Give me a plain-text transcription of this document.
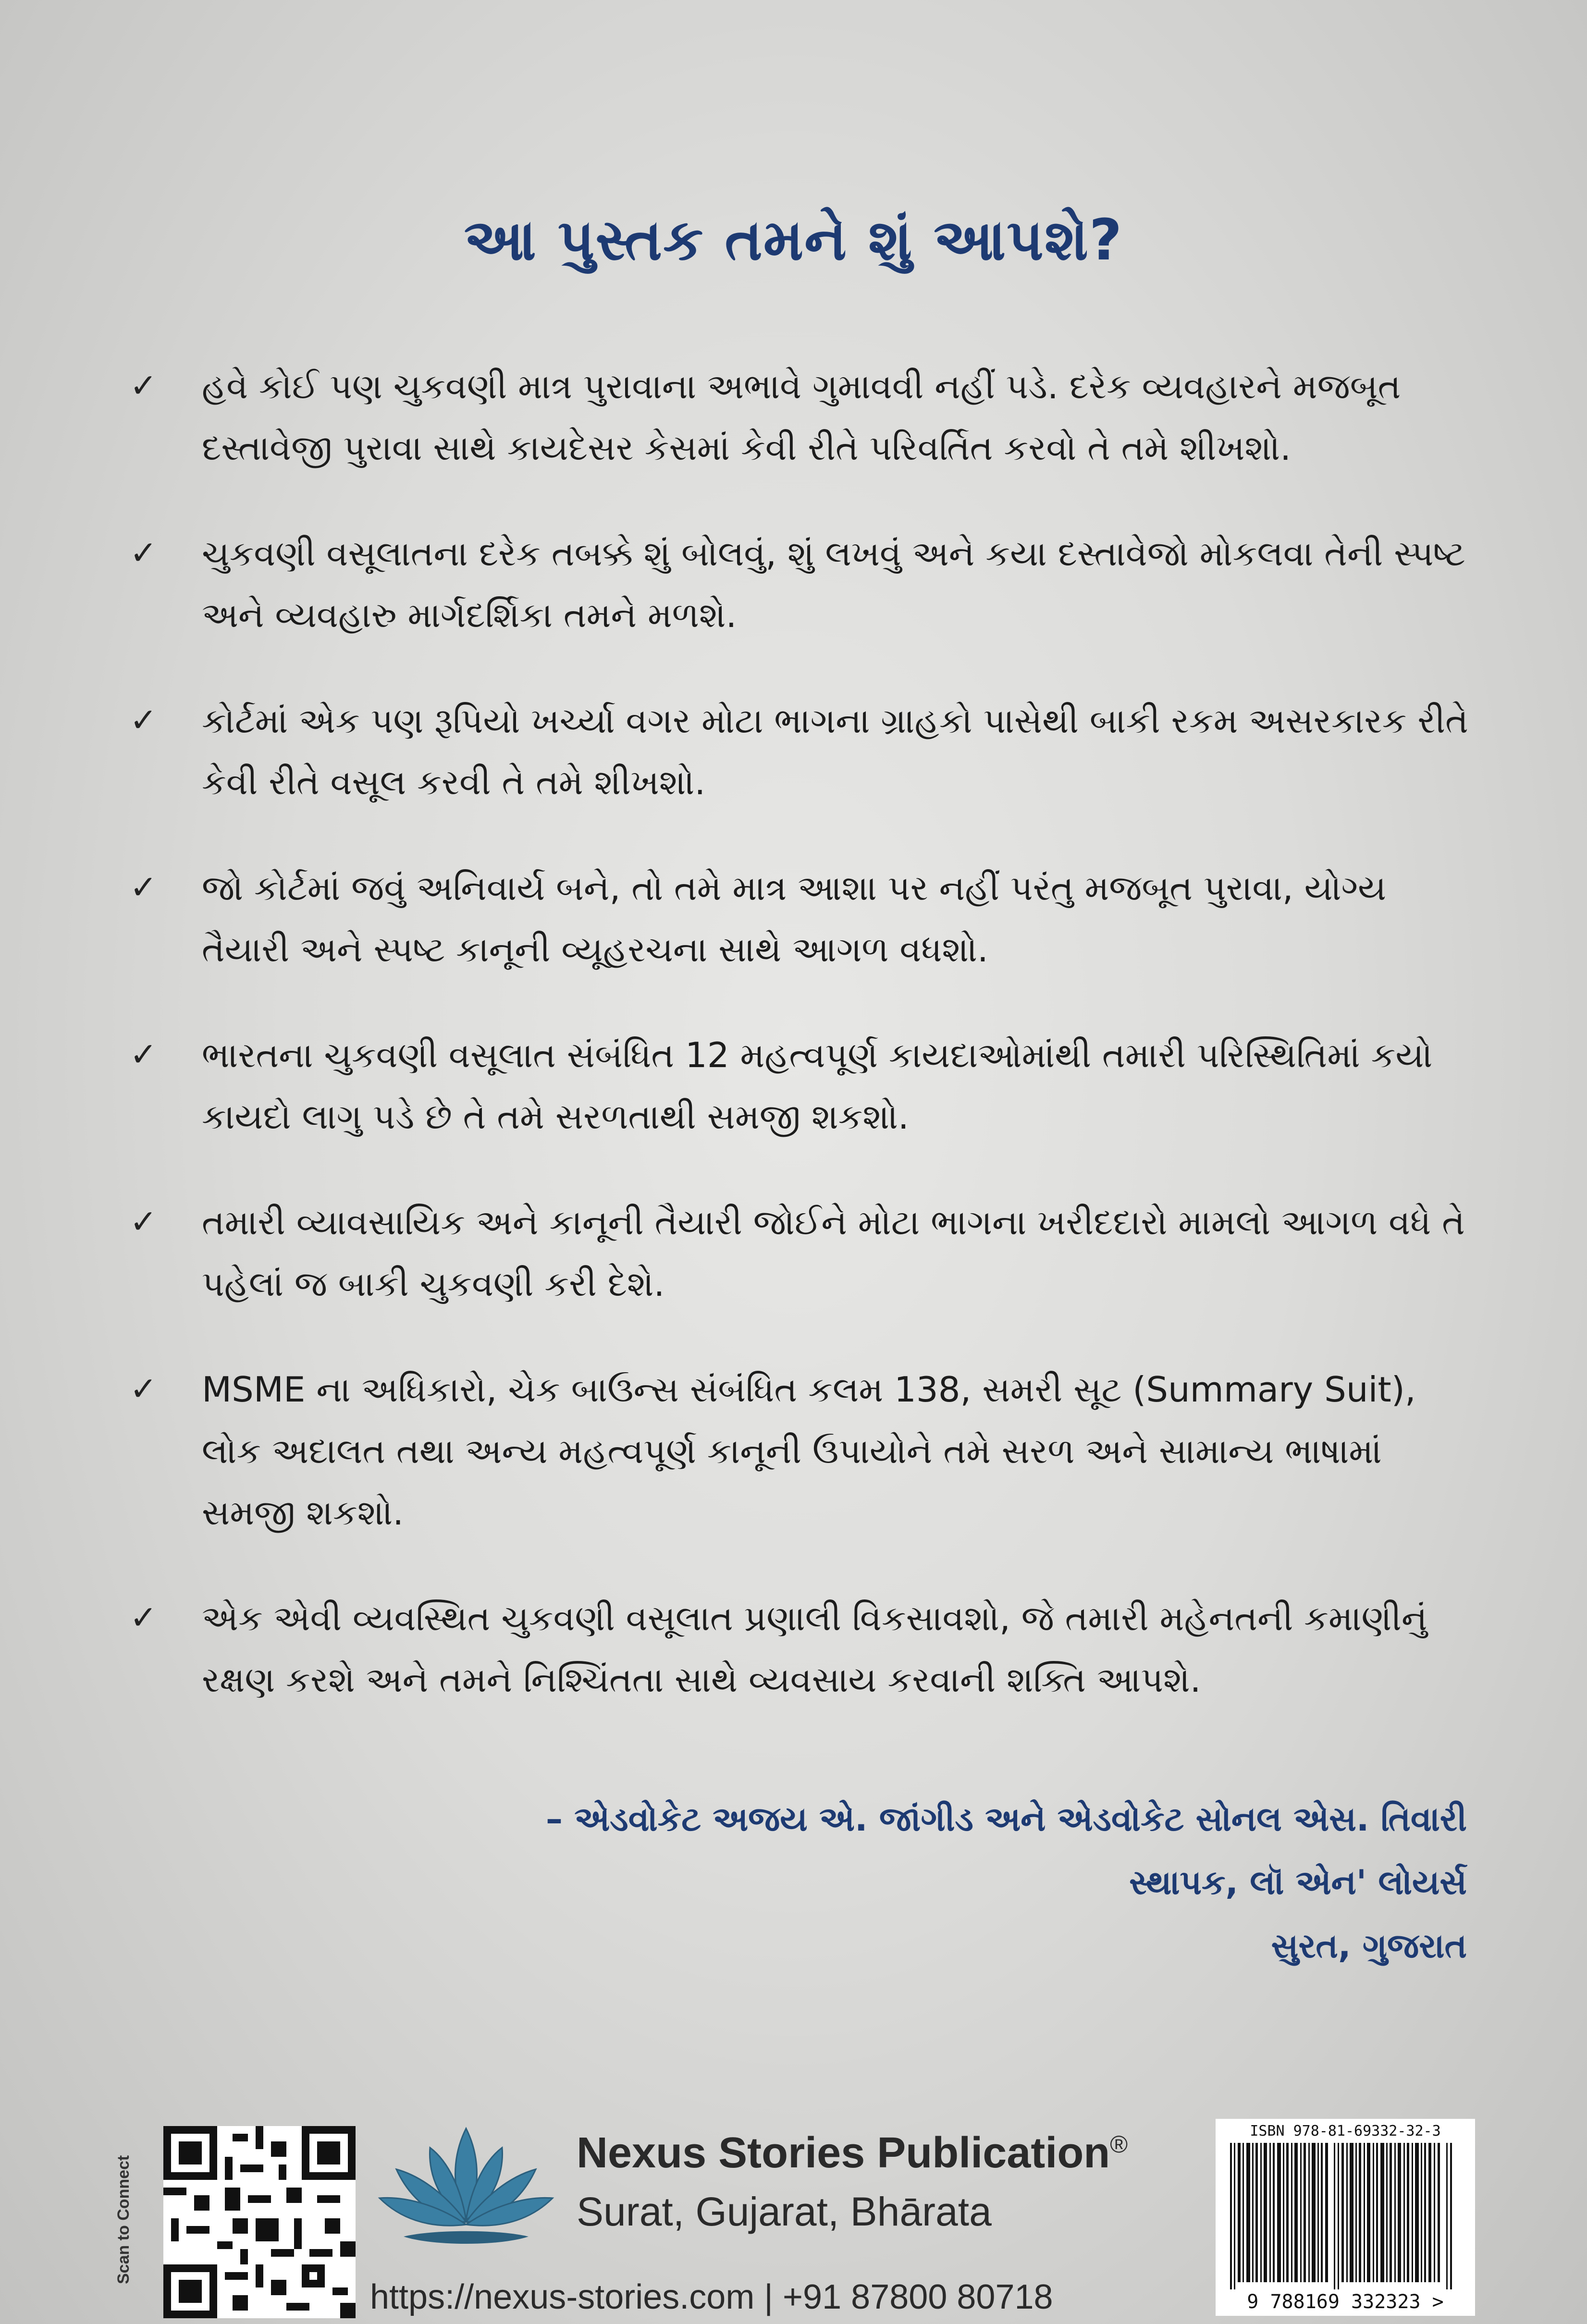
આ પુસ્તક તમને શું આપશે?
✓ હવે કોઈ પણ ચુકવણી માત્ર પુરાવાના અભાવે ગુમાવવી નહીં પડે. દરેક વ્યવહારને મજબૂત દસ્તાવેજી પુરાવા સાથે કાયદેસર કેસમાં કેવી રીતે પરિવર્તિત કરવો તે તમે શીખશો.
✓ ચુકવણી વસૂલાતના દરેક તબક્કે શું બોલવું, શું લખવું અને કયા દસ્તાવેજો મોકલવા તેની સ્પષ્ટ અને વ્યવહારુ માર્ગદર્શિકા તમને મળશે.
✓ કોર્ટમાં એક પણ રૂપિયો ખર્ચ્યા વગર મોટા ભાગના ગ્રાહકો પાસેથી બાકી રકમ અસરકારક રીતે કેવી રીતે વસૂલ કરવી તે તમે શીખશો.
✓ જો કોર્ટમાં જવું અનિવાર્ય બને, તો તમે માત્ર આશા પર નહીં પરંતુ મજબૂત પુરાવા, યોગ્ય તૈયારી અને સ્પષ્ટ કાનૂની વ્યૂહરચના સાથે આગળ વધશો.
✓ ભારતના ચુકવણી વસૂલાત સંબંધિત 12 મહત્વપૂર્ણ કાયદાઓમાંથી તમારી પરિસ્થિતિમાં કયો કાયદો લાગુ પડે છે તે તમે સરળતાથી સમજી શકશો.
✓ તમારી વ્યાવસાયિક અને કાનૂની તૈયારી જોઈને મોટા ભાગના ખરીદદારો મામલો આગળ વધે તે પહેલાં જ બાકી ચુકવણી કરી દેશે.
✓ MSME ના અધિકારો, ચેક બાઉન્સ સંબંધિત કલમ 138, સમરી સૂટ (Summary Suit), લોક અદાલત તથા અન્ય મહત્વપૂર્ણ કાનૂની ઉપાયોને તમે સરળ અને સામાન્ય ભાષામાં સમજી શકશો.
✓ એક એવી વ્યવસ્થિત ચુકવણી વસૂલાત પ્રણાલી વિકસાવશો, જે તમારી મહેનતની કમાણીનું રક્ષણ કરશે અને તમને નિશ્ચિંતતા સાથે વ્યવસાય કરવાની શક્તિ આપશે.
– એડવોકેટ અજય એ. જાંગીડ અને એડવોકેટ સોનલ એસ. તિવારી
સ્થાપક, લૉ એન' લોયર્સ
સુરત, ગુજરાત
Scan to Connect
Nexus Stories Publication®
Surat, Gujarat, Bhārata
https://nexus-stories.com | +91 87800 80718
ISBN 978-81-69332-32-3
9 788169 332323 >
